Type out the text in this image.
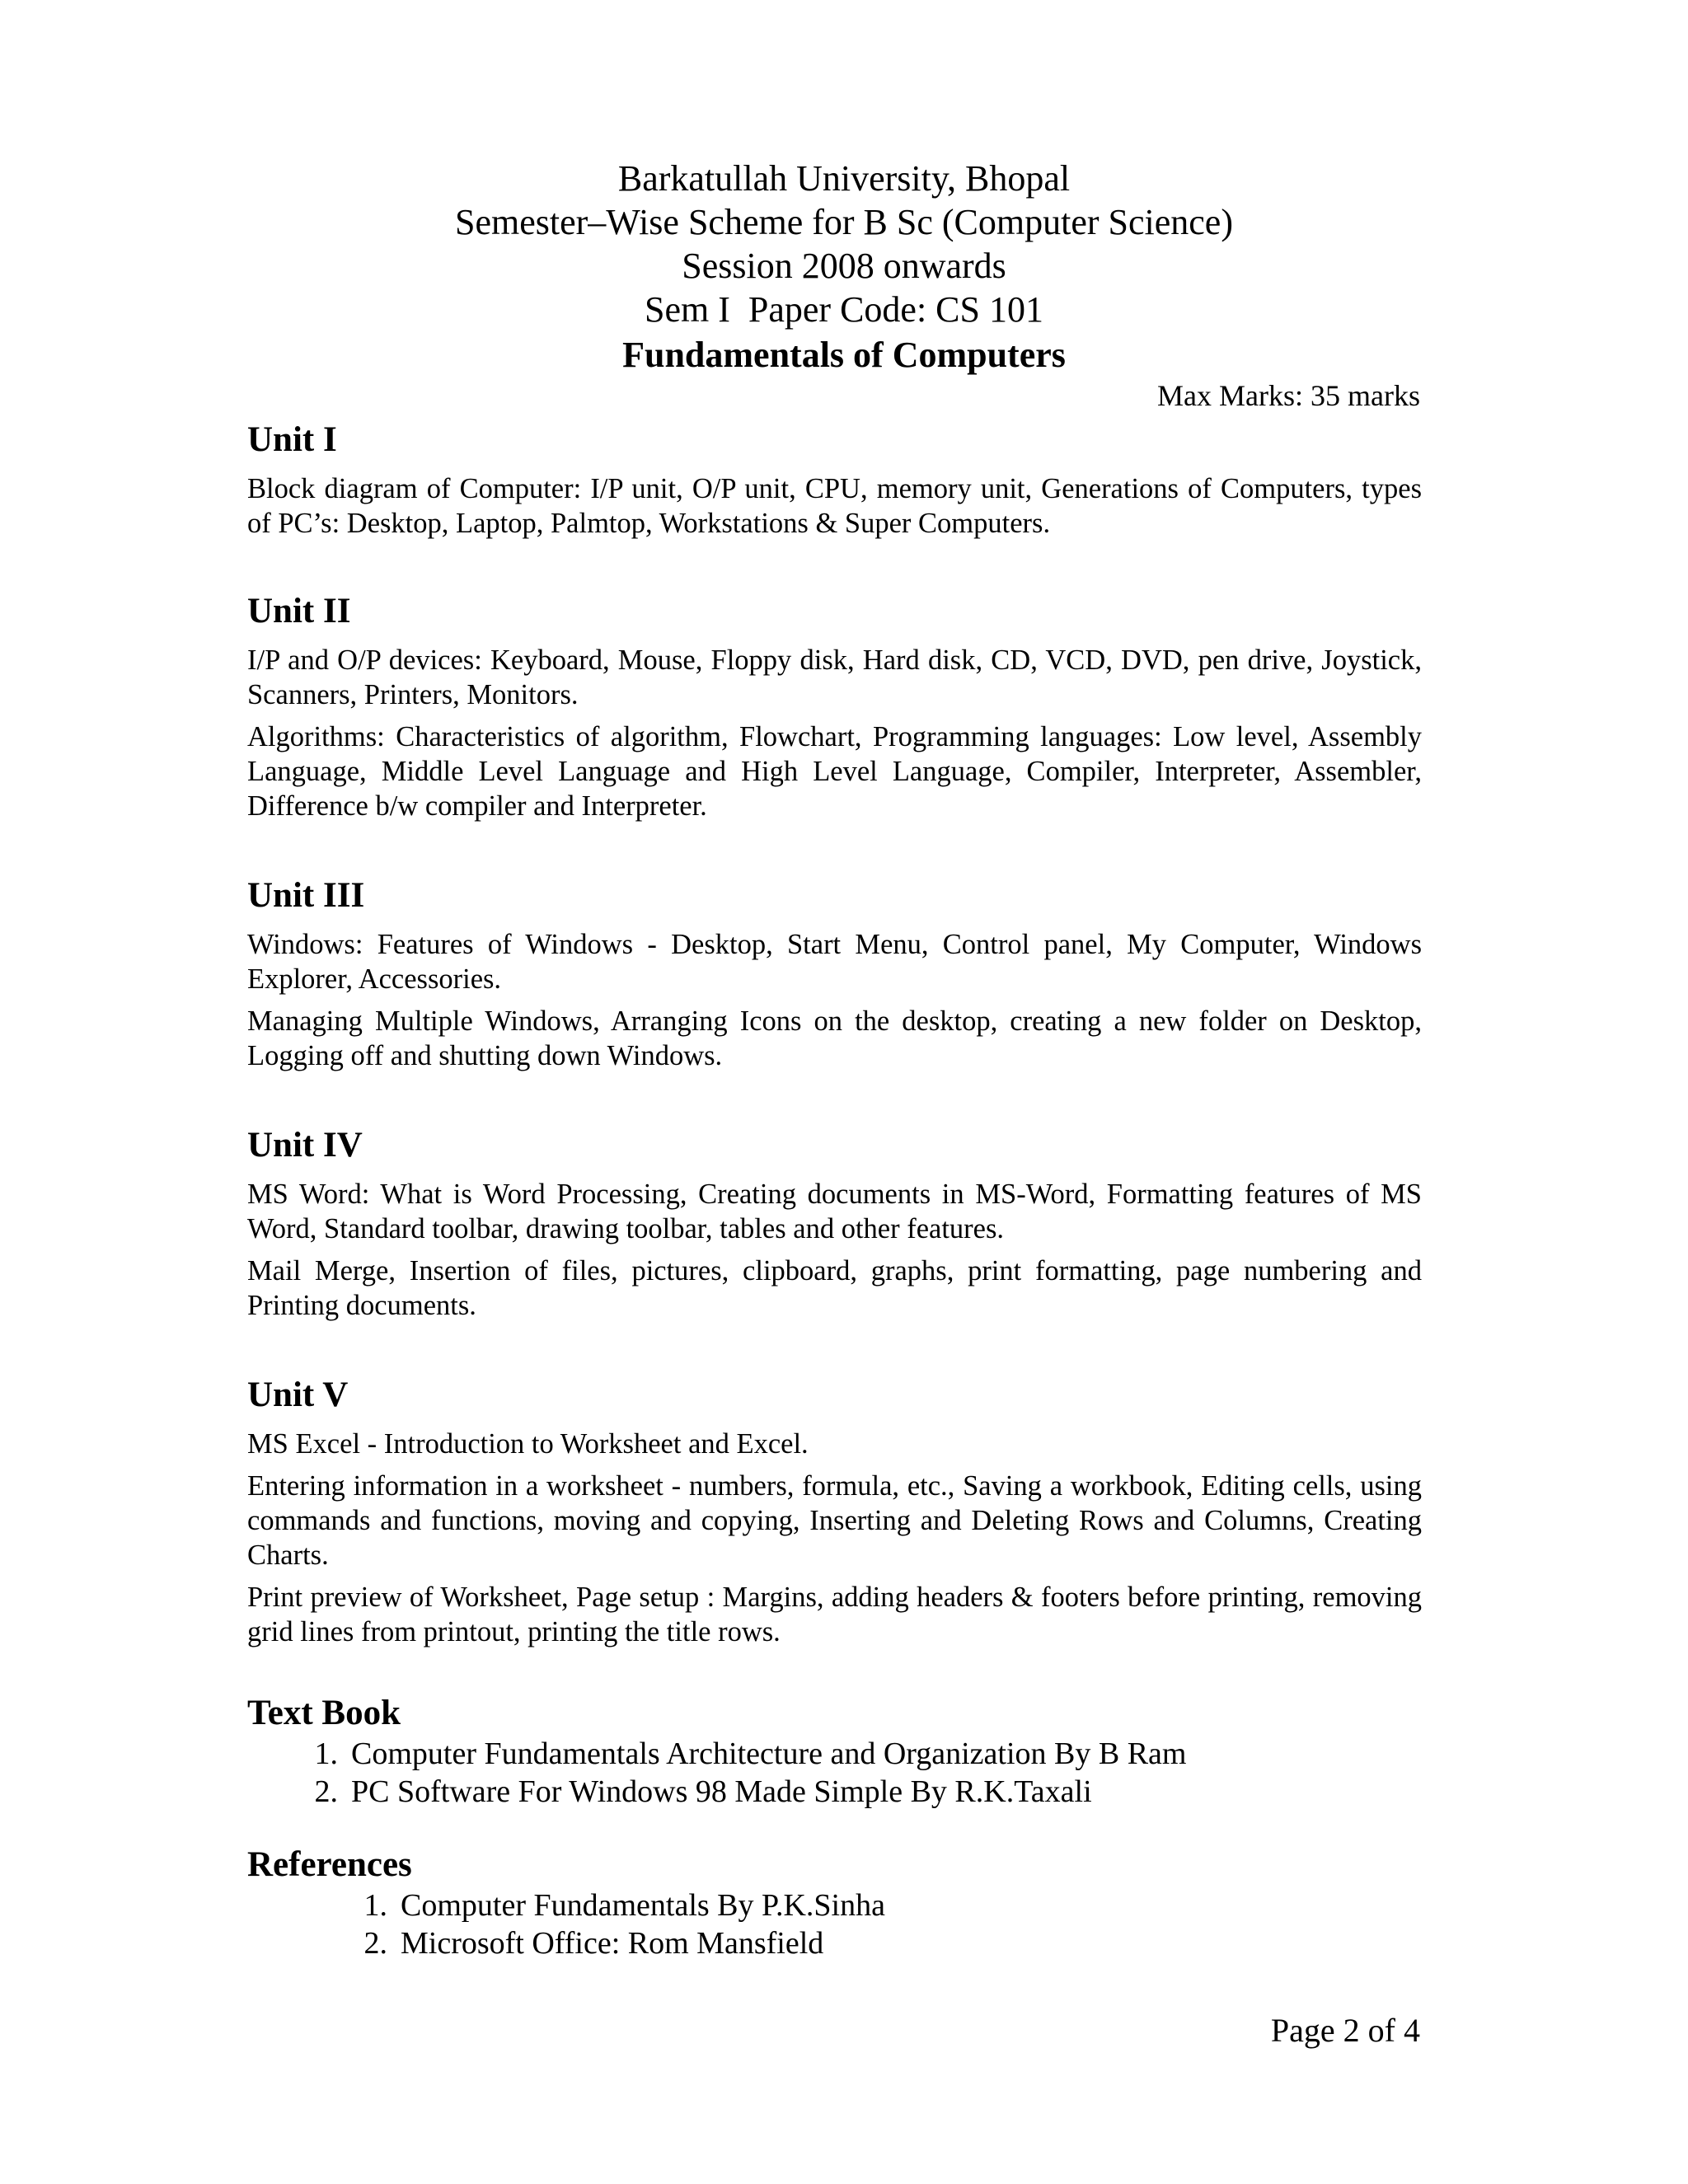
Barkatullah University, Bhopal
Semester–Wise Scheme for B Sc (Computer Science)
Session 2008 onwards
Sem I Paper Code: CS 101
Fundamentals of Computers
Max Marks: 35 marks
Unit I
Block diagram of Computer: I/P unit, O/P unit, CPU, memory unit, Generations of Computers, types of PC’s: Desktop, Laptop, Palmtop, Workstations & Super Computers.
Unit II
I/P and O/P devices: Keyboard, Mouse, Floppy disk, Hard disk, CD, VCD, DVD, pen drive, Joystick, Scanners, Printers, Monitors.
Algorithms: Characteristics of algorithm, Flowchart, Programming languages: Low level, Assembly Language, Middle Level Language and High Level Language, Compiler, Interpreter, Assembler, Difference b/w compiler and Interpreter.
Unit III
Windows: Features of Windows - Desktop, Start Menu, Control panel, My Computer, Windows Explorer, Accessories.
Managing Multiple Windows, Arranging Icons on the desktop, creating a new folder on Desktop, Logging off and shutting down Windows.
Unit IV
MS Word: What is Word Processing, Creating documents in MS-Word, Formatting features of MS Word, Standard toolbar, drawing toolbar, tables and other features.
Mail Merge, Insertion of files, pictures, clipboard, graphs, print formatting, page numbering and Printing documents.
Unit V
MS Excel - Introduction to Worksheet and Excel.
Entering information in a worksheet - numbers, formula, etc., Saving a workbook, Editing cells, using commands and functions, moving and copying, Inserting and Deleting Rows and Columns, Creating Charts.
Print preview of Worksheet, Page setup : Margins, adding headers & footers before printing, removing grid lines from printout, printing the title rows.
Text Book
1. Computer Fundamentals Architecture and Organization By B Ram
2. PC Software For Windows 98 Made Simple By R.K.Taxali
References
1. Computer Fundamentals By P.K.Sinha
2. Microsoft Office: Rom Mansfield
Page 2 of 4
